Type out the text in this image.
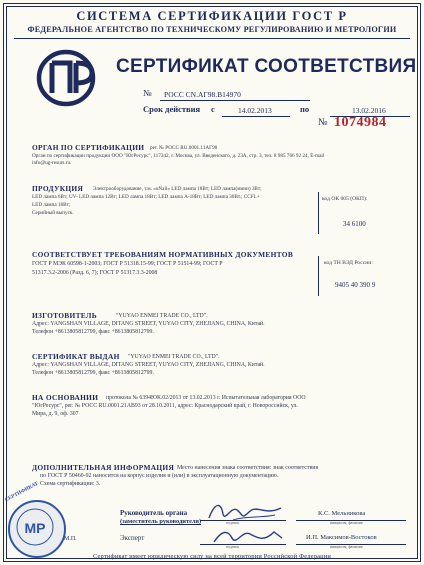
СИСТЕМА СЕРТИФИКАЦИИ ГОСТ Р
ФЕДЕРАЛЬНОЕ АГЕНТСТВО ПО ТЕХНИЧЕСКОМУ РЕГУЛИРОВАНИЮ И МЕТРОЛОГИИ
СЕРТИФИКАТ СООТВЕТСТВИЯ
№ РОСС CN.АГ98.В14970
Срок действия с	14.02.2013	по	13.02.2016
№ 1074984
ОРГАН ПО СЕРТИФИКАЦИИ рег. № РОСС RU.0001.11АГ98
Орган по сертификации продукции ООО "ЮгРесурс", 117342, г. Москва, ул. Введенского, д. 23А, стр. 3, тел. 8 985 766 92 24, E-mail
info@ug-resurs.ru.
ПРОДУКЦИЯ Электрооборудование, т.м. «uNail» LED лампа 18Вт; LED лампа(мини) 3Вт;
LED лампа 6Вт; UV- LED лампа 12Вт; LED лампа 18Вт; LED лампа A-18Вт; LED лампа 30Вт.; CCFL+
LED лампа 18Вт;
Серийный выпуск.
код ОК 005 (ОКП):
34 6100
СООТВЕТСТВУЕТ ТРЕБОВАНИЯМ НОРМАТИВНЫХ ДОКУМЕНТОВ
ГОСТ Р МЭК 60598-1-2003; ГОСТ Р 51318.15-99; ГОСТ Р 51514-99; ГОСТ Р
51317.3.2-2006 (Разд. 6, 7); ГОСТ Р 51317.3.3-2008
код ТН ВЭД России:
9405 40 390 9
ИЗГОТОВИТЕЛЬ	"YUYAO ENMEI TRADE CO., LTD".
Адрес: YANGSHAN VILLAGE, DITANG STREET, YUYAO CITY, ZHEJIANG, CHINA, Китай.
Телефон +8613805812799, факс +8613805812799.
СЕРТИФИКАТ ВЫДАН "YUYAO ENMEI TRADE CO., LTD".
Адрес: YANGSHAN VILLAGE, DITANG STREET, YUYAO CITY, ZHEJIANG, CHINA, Китай.
Телефон +8613805812799, факс +8613805812799.
НА ОСНОВАНИИ протокола № 6394ЮК.02/2013 от 13.02.2013 г. Испытательная лаборатория ООО
"ЮгРесурс", рег. № РОСС RU.0001.21АВ93 от 28.10.2011, адрес: Краснодарский край, г. Новороссийск, ул.
Мира, д. 9, оф. 307
ДОПОЛНИТЕЛЬНАЯ ИНФОРМАЦИЯ Место нанесения знака соответствия: знак соответствия
по ГОСТ Р 50460-92 наносится на корпус изделия и (или) в эксплуатационную документацию.
Схема сертификации: 3.
Руководитель органа
(заместитель руководителя)
Эксперт
подпись
К.С. Мельникова
инициалы, фамилия
подпись
И.П. Максимов-Востоков
инициалы, фамилия
М.П.
МР
СЕРТИФИКАТ
Сертификат имеет юридическую силу на всей территории Российской Федерации
